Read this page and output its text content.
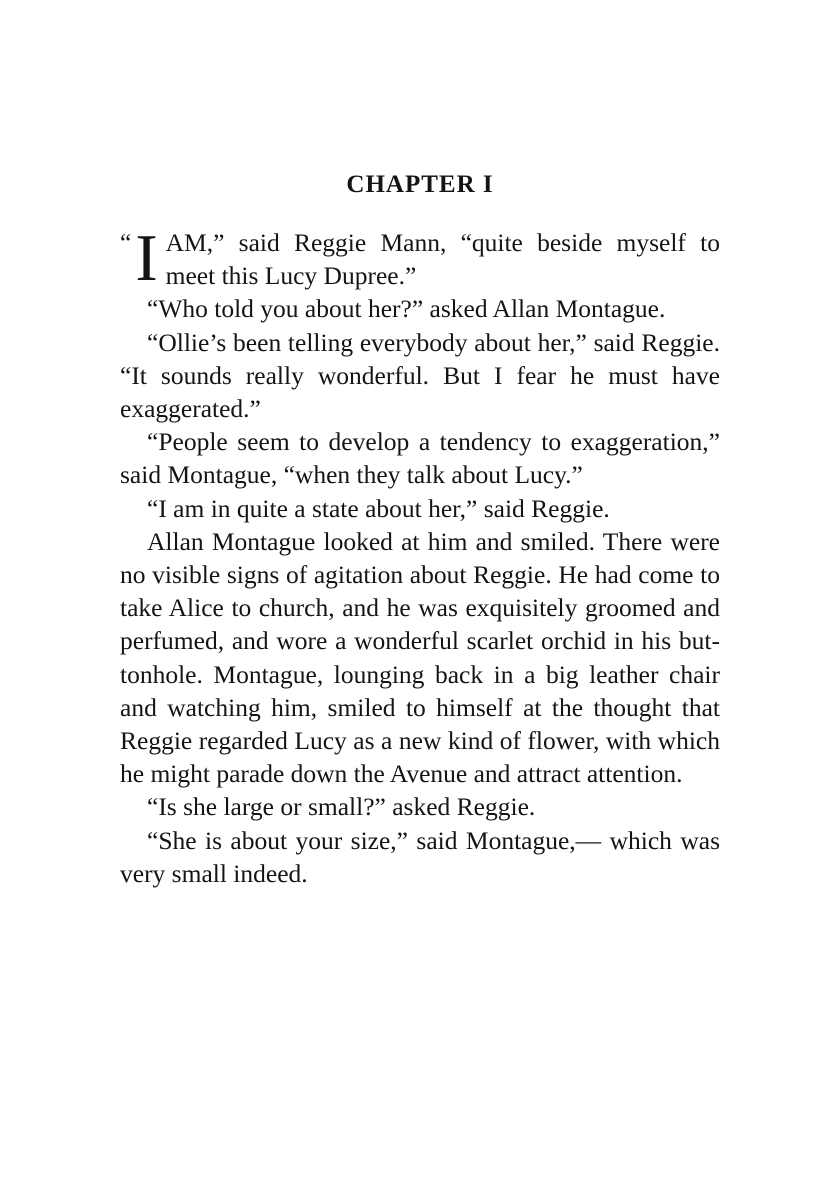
CHAPTER I

“ I AM,” said Reggie Mann, “quite beside myself to meet this Lucy Dupree.”

“Who told you about her?” asked Allan Montague.

“Ollie’s been telling everybody about her,” said Reggie. “It sounds really wonderful. But I fear he must have exaggerated.”

“People seem to develop a tendency to exaggeration,” said Montague, “when they talk about Lucy.”

“I am in quite a state about her,” said Reggie.

Allan Montague looked at him and smiled. There were no visible signs of agitation about Reggie. He had come to take Alice to church, and he was exquisitely groomed and perfumed, and wore a wonderful scarlet orchid in his buttonhole. Montague, lounging back in a big leather chair and watching him, smiled to himself at the thought that Reggie regarded Lucy as a new kind of flower, with which he might parade down the Avenue and attract attention.

“Is she large or small?” asked Reggie.

“She is about your size,” said Montague,— which was very small indeed.
